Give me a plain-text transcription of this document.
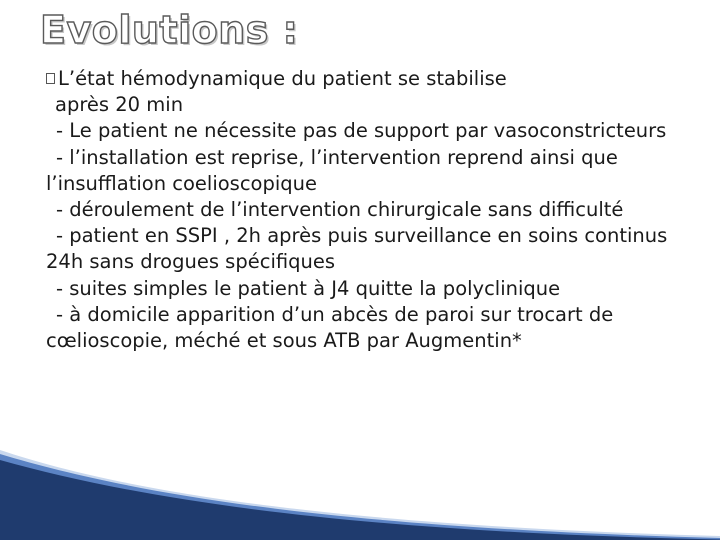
Evolutions :

L’état hémodynamique du patient se stabilise
après 20 min

- Le patient ne nécessite pas de support par vasoconstricteurs

- l’installation est reprise, l’intervention reprend ainsi que l’insufflation coelioscopique

- déroulement de l’intervention chirurgicale sans difficulté

- patient en SSPI , 2h après puis surveillance en soins continus 24h sans drogues spécifiques

- suites simples le patient à J4 quitte la polyclinique

- à domicile apparition d’un abcès de paroi sur trocart de cœlioscopie, méché et sous ATB par Augmentin*
